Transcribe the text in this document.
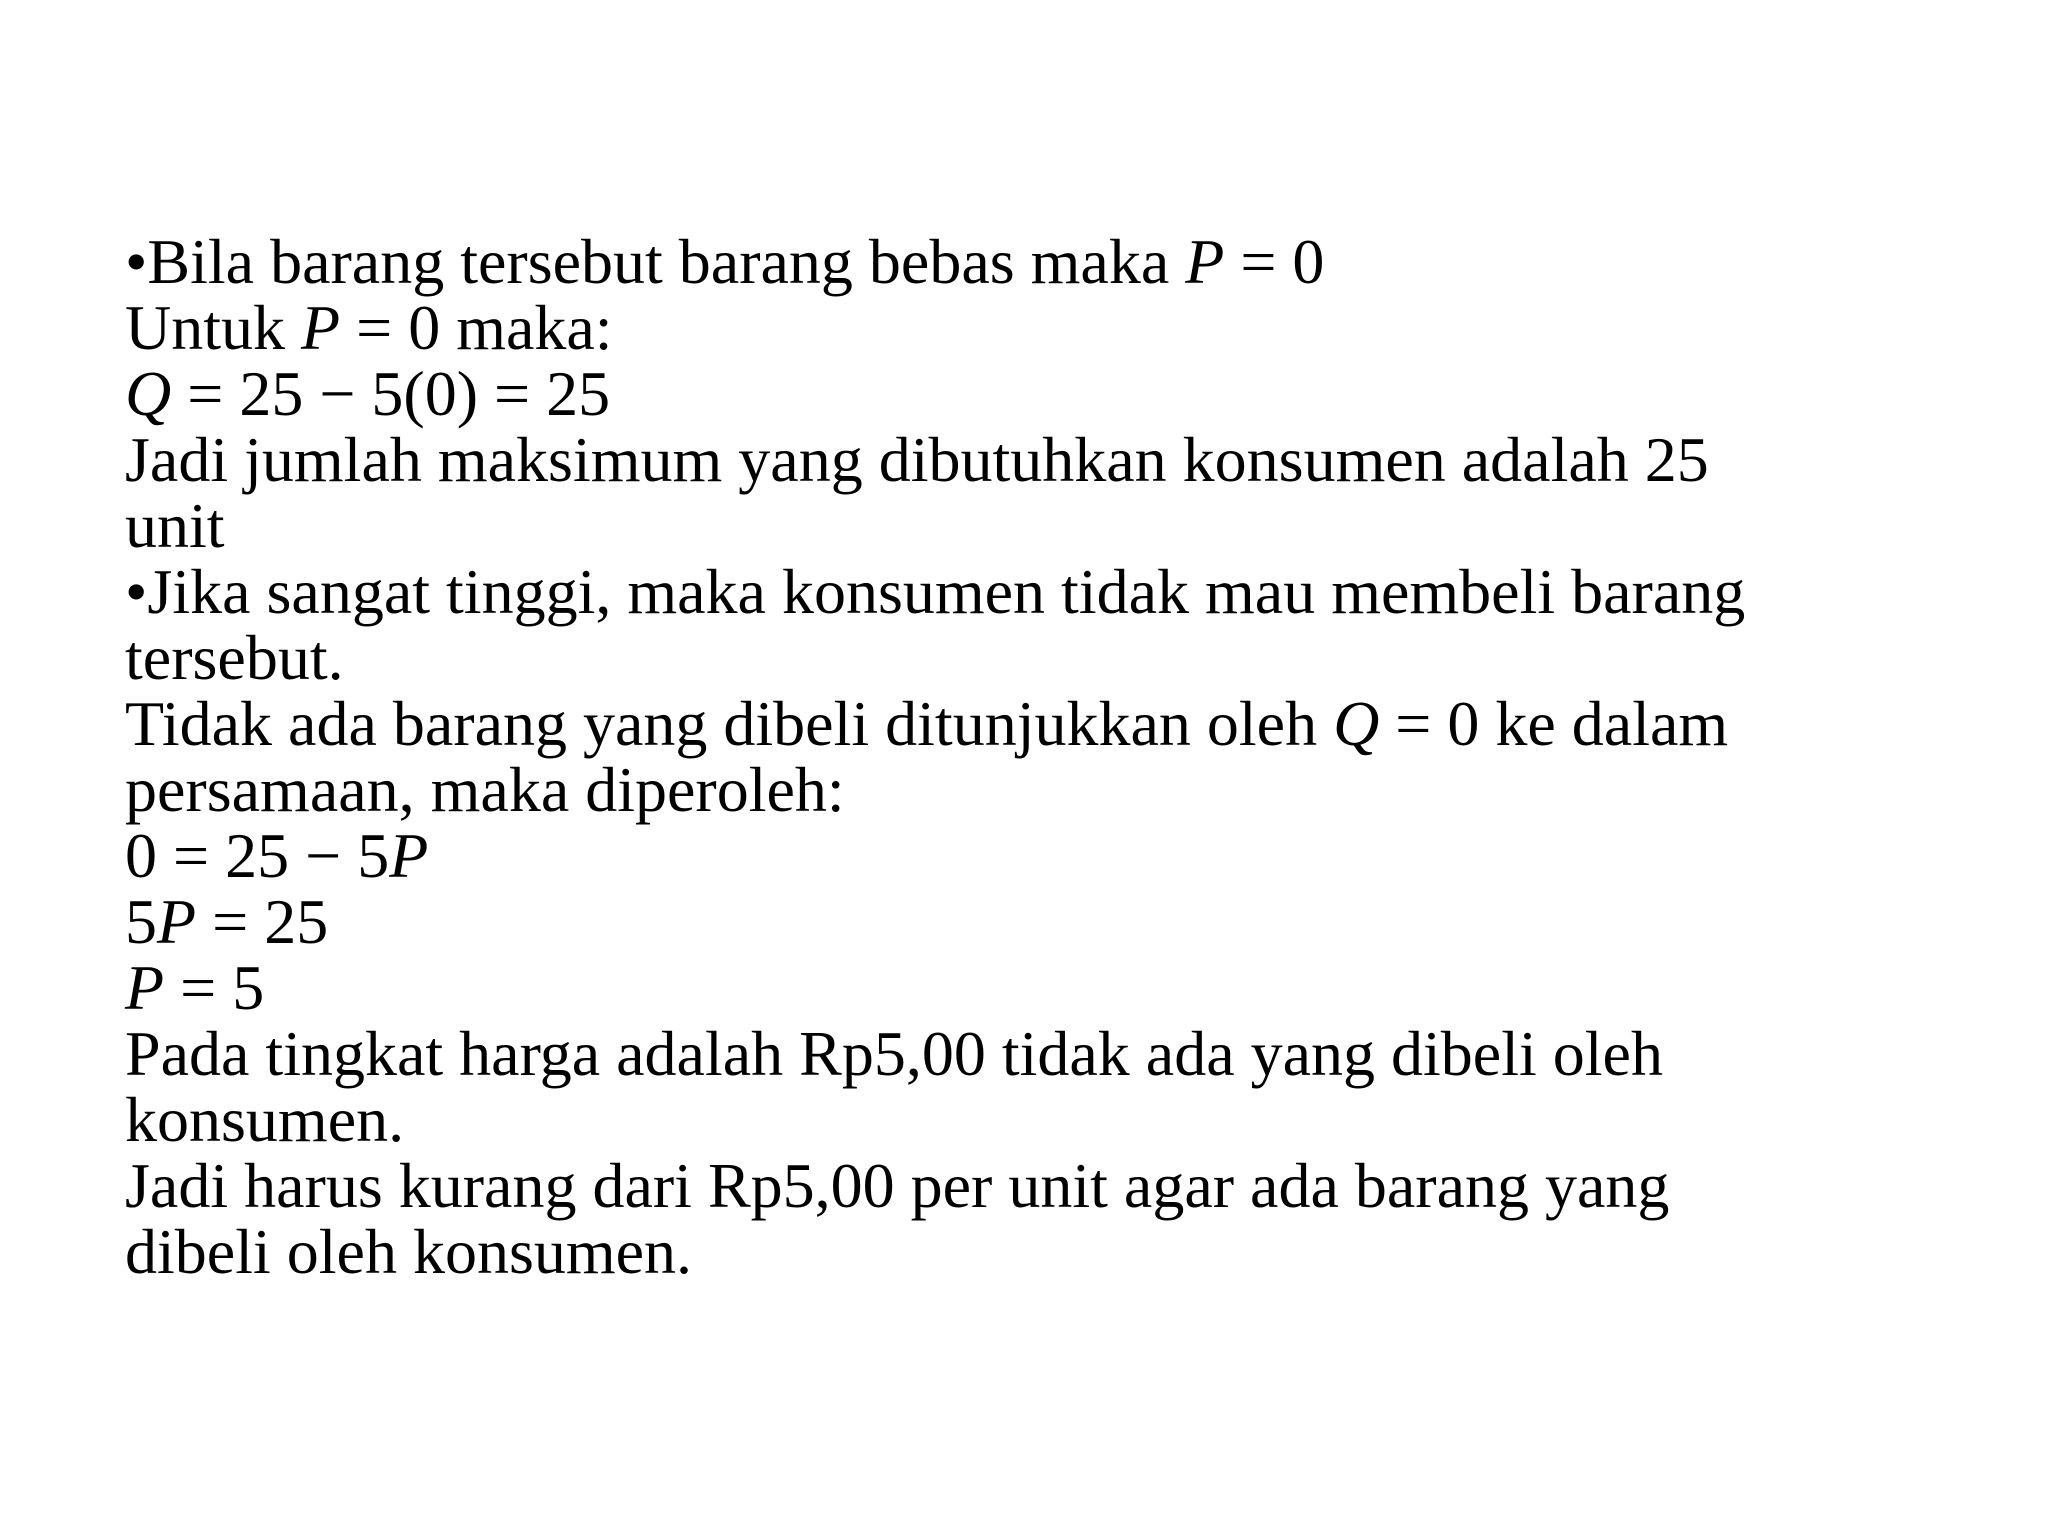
•Bila barang tersebut barang bebas maka P = 0
Untuk P = 0 maka:
Q = 25 − 5(0) = 25
Jadi jumlah maksimum yang dibutuhkan konsumen adalah 25
unit
•Jika sangat tinggi, maka konsumen tidak mau membeli barang
tersebut.
Tidak ada barang yang dibeli ditunjukkan oleh Q = 0 ke dalam
persamaan, maka diperoleh:
0 = 25 − 5P
5P = 25
P = 5
Pada tingkat harga adalah Rp5,00 tidak ada yang dibeli oleh
konsumen.
Jadi harus kurang dari Rp5,00 per unit agar ada barang yang
dibeli oleh konsumen.
